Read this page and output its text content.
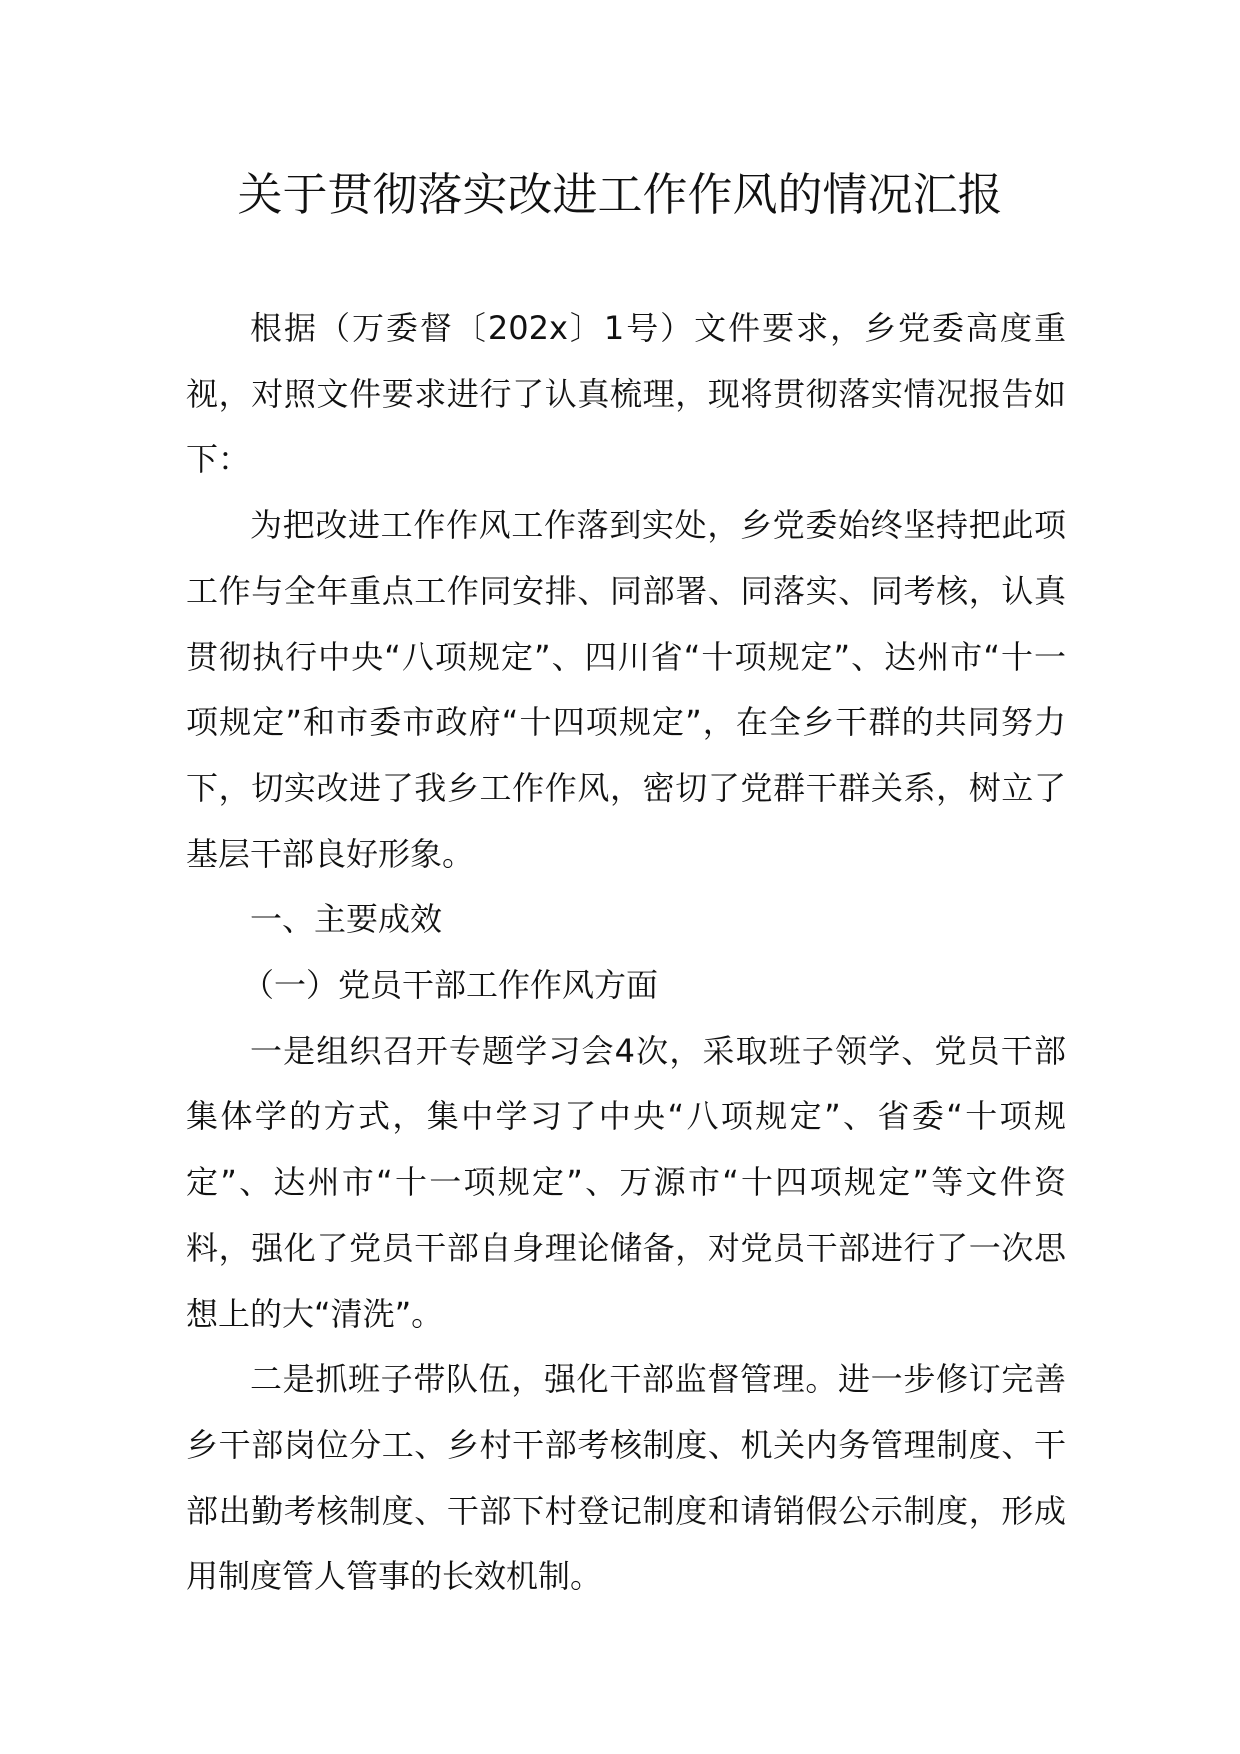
关于贯彻落实改进工作作风的情况汇报

根据（万委督〔202x〕1号）文件要求，乡党委高度重视，对照文件要求进行了认真梳理，现将贯彻落实情况报告如下：

为把改进工作作风工作落到实处，乡党委始终坚持把此项工作与全年重点工作同安排、同部署、同落实、同考核，认真贯彻执行中央“八项规定”、四川省“十项规定”、达州市“十一项规定”和市委市政府“十四项规定”，在全乡干群的共同努力下，切实改进了我乡工作作风，密切了党群干群关系，树立了基层干部良好形象。

一、主要成效

（一）党员干部工作作风方面

一是组织召开专题学习会4次，采取班子领学、党员干部集体学的方式，集中学习了中央“八项规定”、省委“十项规定”、达州市“十一项规定”、万源市“十四项规定”等文件资料，强化了党员干部自身理论储备，对党员干部进行了一次思想上的大“清洗”。

二是抓班子带队伍，强化干部监督管理。进一步修订完善乡干部岗位分工、乡村干部考核制度、机关内务管理制度、干部出勤考核制度、干部下村登记制度和请销假公示制度，形成用制度管人管事的长效机制。
